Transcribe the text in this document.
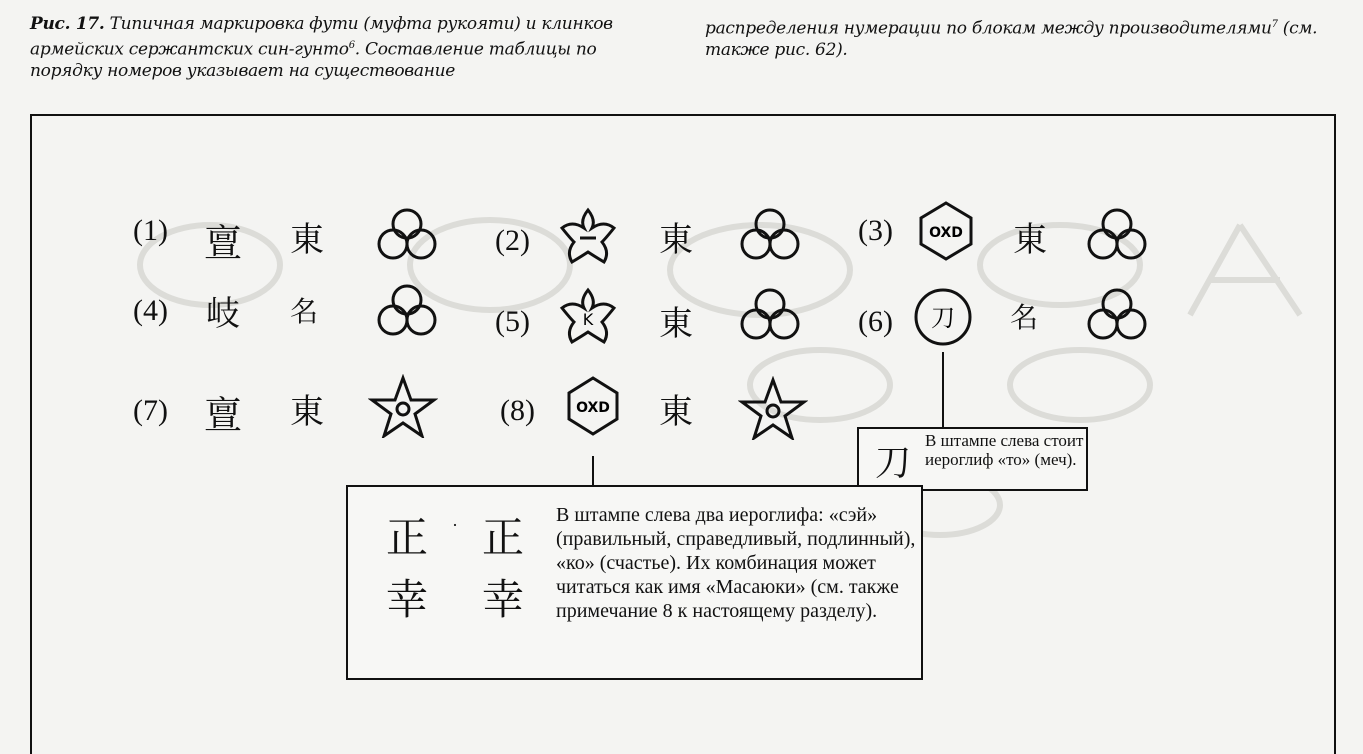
Рис. 17. Типичная маркировка фути (муфта рукояти) и клинков армейских сержантских син-гунто$^6$. Составление таблицы по порядку номеров указывает на существование
распределения нумерации по блокам между производителями$^7$ (см. также рис. 62).
(1) 亶 東	(2)	東	(3)	OXD 東
(4) 岐 名	(5)	K 東	(6) 刀 名
(7) 亶 東	(8)	OXD 東
刀
В штампе слева стоит иероглиф «то» (меч).
正
幸
· 正
幸
В штампе слева два иероглифа: «сэй» (правильный, справедливый, подлинный), «ко» (счастье). Их комбинация может читаться как имя «Масаюки» (см. также примечание 8 к настоящему разделу).
